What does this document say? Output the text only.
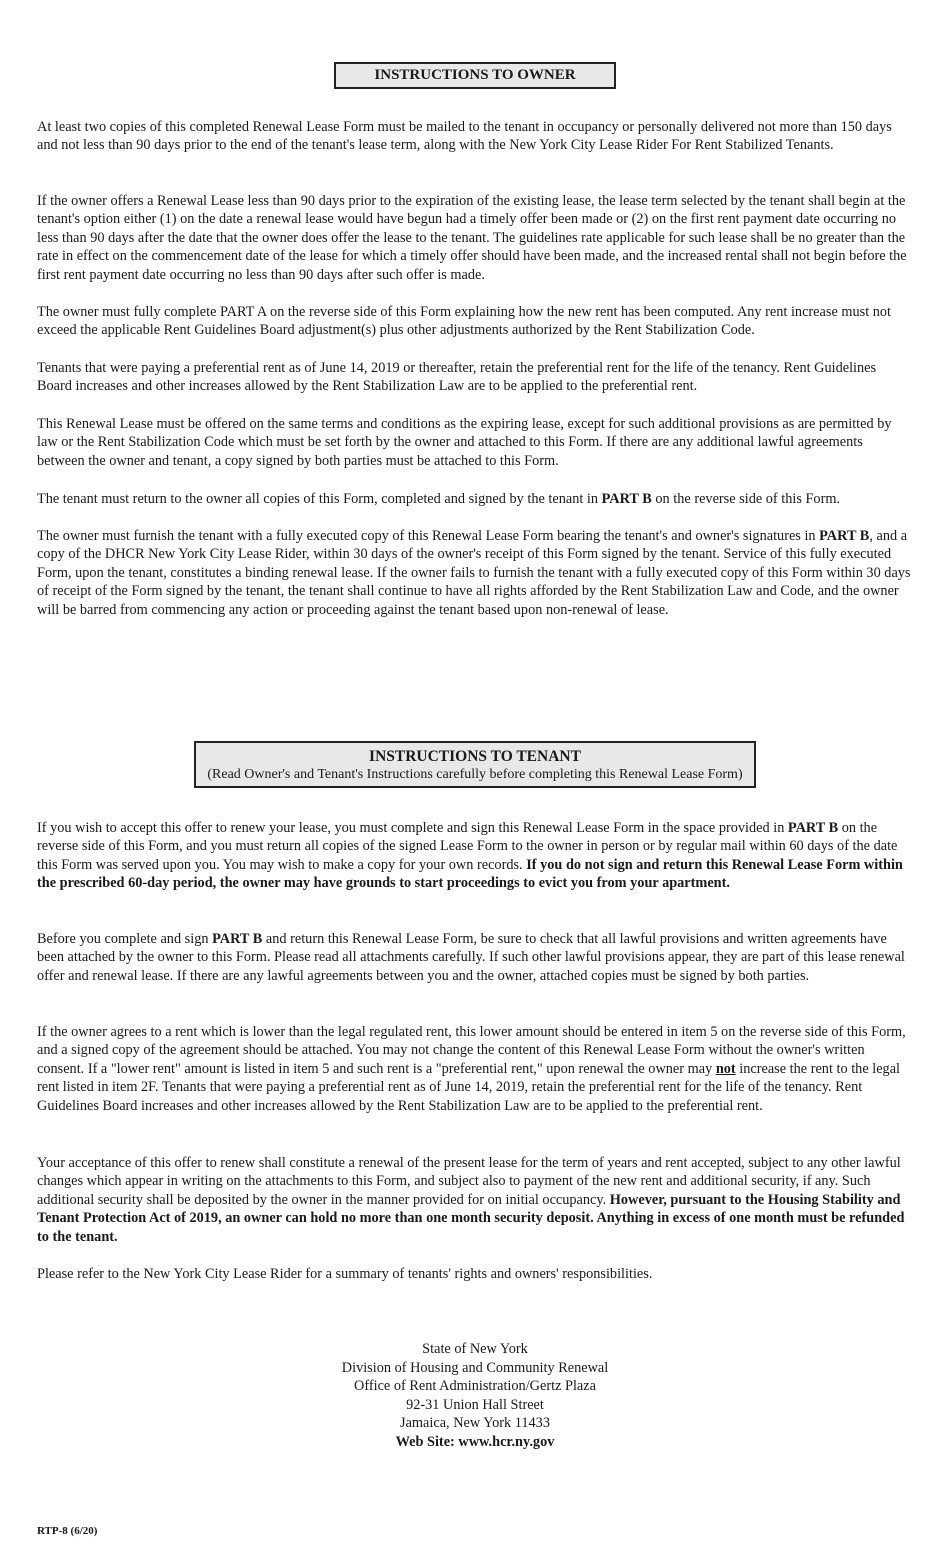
INSTRUCTIONS TO OWNER

At least two copies of this completed Renewal Lease Form must be mailed to the tenant in occupancy or personally delivered not more than 150 days and not less than 90 days prior to the end of the tenant's lease term, along with the New York City Lease Rider For Rent Stabilized Tenants.

If the owner offers a Renewal Lease less than 90 days prior to the expiration of the existing lease, the lease term selected by the tenant shall begin at the tenant's option either (1) on the date a renewal lease would have begun had a timely offer been made or (2) on the first rent payment date occurring no less than 90 days after the date that the owner does offer the lease to the tenant. The guidelines rate applicable for such lease shall be no greater than the rate in effect on the commencement date of the lease for which a timely offer should have been made, and the increased rental shall not begin before the first rent payment date occurring no less than 90 days after such offer is made.

The owner must fully complete PART A on the reverse side of this Form explaining how the new rent has been computed. Any rent increase must not exceed the applicable Rent Guidelines Board adjustment(s) plus other adjustments authorized by the Rent Stabilization Code.

Tenants that were paying a preferential rent as of June 14, 2019 or thereafter, retain the preferential rent for the life of the tenancy. Rent Guidelines Board increases and other increases allowed by the Rent Stabilization Law are to be applied to the preferential rent.

This Renewal Lease must be offered on the same terms and conditions as the expiring lease, except for such additional provisions as are permitted by law or the Rent Stabilization Code which must be set forth by the owner and attached to this Form. If there are any additional lawful agreements between the owner and tenant, a copy signed by both parties must be attached to this Form.

The tenant must return to the owner all copies of this Form, completed and signed by the tenant in PART B on the reverse side of this Form.

The owner must furnish the tenant with a fully executed copy of this Renewal Lease Form bearing the tenant's and owner's signatures in PART B, and a copy of the DHCR New York City Lease Rider, within 30 days of the owner's receipt of this Form signed by the tenant. Service of this fully executed Form, upon the tenant, constitutes a binding renewal lease. If the owner fails to furnish the tenant with a fully executed copy of this Form within 30 days of receipt of the Form signed by the tenant, the tenant shall continue to have all rights afforded by the Rent Stabilization Law and Code, and the owner will be barred from commencing any action or proceeding against the tenant based upon non-renewal of lease.

INSTRUCTIONS TO TENANT
(Read Owner's and Tenant's Instructions carefully before completing this Renewal Lease Form)

If you wish to accept this offer to renew your lease, you must complete and sign this Renewal Lease Form in the space provided in PART B on the reverse side of this Form, and you must return all copies of the signed Lease Form to the owner in person or by regular mail within 60 days of the date this Form was served upon you. You may wish to make a copy for your own records. If you do not sign and return this Renewal Lease Form within the prescribed 60-day period, the owner may have grounds to start proceedings to evict you from your apartment.

Before you complete and sign PART B and return this Renewal Lease Form, be sure to check that all lawful provisions and written agreements have been attached by the owner to this Form. Please read all attachments carefully. If such other lawful provisions appear, they are part of this lease renewal offer and renewal lease. If there are any lawful agreements between you and the owner, attached copies must be signed by both parties.

If the owner agrees to a rent which is lower than the legal regulated rent, this lower amount should be entered in item 5 on the reverse side of this Form, and a signed copy of the agreement should be attached. You may not change the content of this Renewal Lease Form without the owner's written consent. If a "lower rent" amount is listed in item 5 and such rent is a "preferential rent," upon renewal the owner may not increase the rent to the legal rent listed in item 2F. Tenants that were paying a preferential rent as of June 14, 2019, retain the preferential rent for the life of the tenancy. Rent Guidelines Board increases and other increases allowed by the Rent Stabilization Law are to be applied to the preferential rent.

Your acceptance of this offer to renew shall constitute a renewal of the present lease for the term of years and rent accepted, subject to any other lawful changes which appear in writing on the attachments to this Form, and subject also to payment of the new rent and additional security, if any. Such additional security shall be deposited by the owner in the manner provided for on initial occupancy. However, pursuant to the Housing Stability and Tenant Protection Act of 2019, an owner can hold no more than one month security deposit. Anything in excess of one month must be refunded to the tenant.

Please refer to the New York City Lease Rider for a summary of tenants' rights and owners' responsibilities.

State of New York
Division of Housing and Community Renewal
Office of Rent Administration/Gertz Plaza
92-31 Union Hall Street
Jamaica, New York 11433
Web Site: www.hcr.ny.gov
RTP-8 (6/20)
